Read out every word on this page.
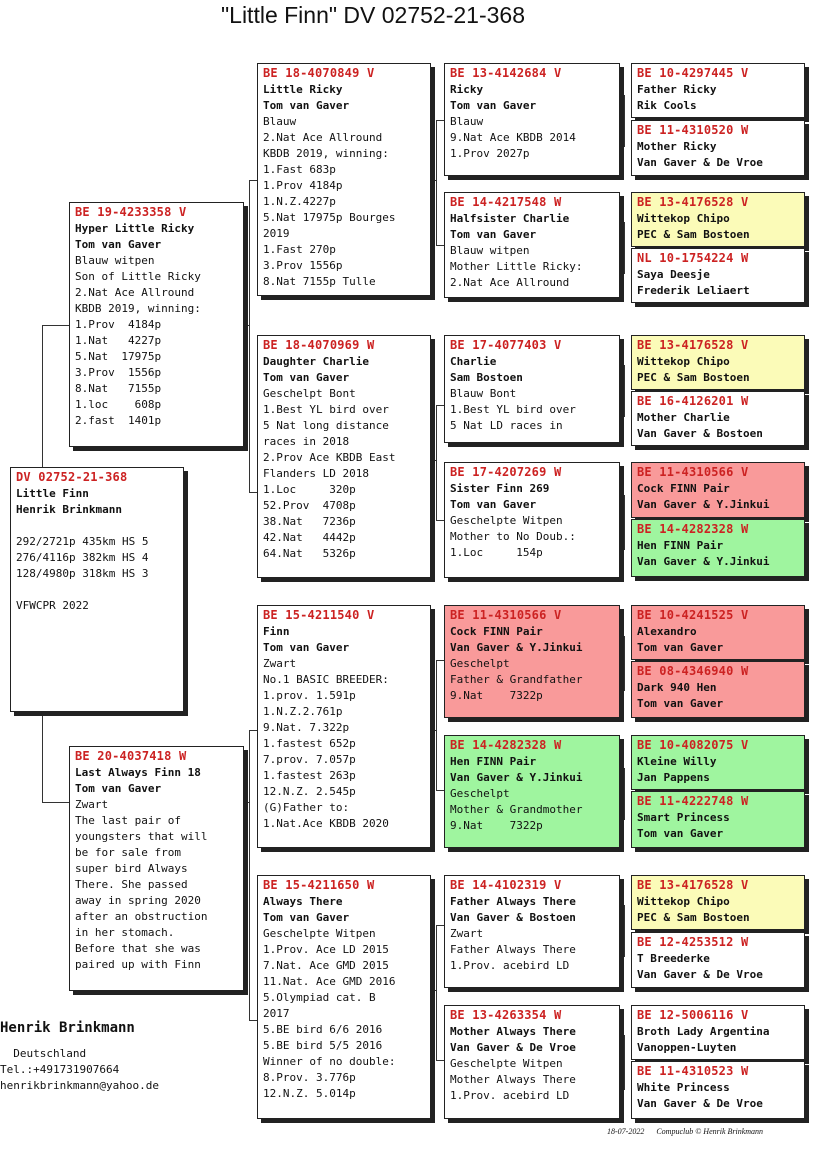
"Little Finn" DV 02752-21-368
DV 02752-21-368
Little Finn
Henrik Brinkmann
292/2721p 435km HS 5
276/4116p 382km HS 4
128/4980p 318km HS 3
VFWCPR 2022
BE 19-4233358 V
Hyper Little Ricky
Tom van Gaver
Blauw witpen
Son of Little Ricky
2.Nat Ace Allround
KBDB 2019, winning:
1.Prov  4184p
1.Nat   4227p
5.Nat  17975p
3.Prov  1556p
8.Nat   7155p
1.loc    608p
2.fast  1401p
BE 20-4037418 W
Last Always Finn 18
Tom van Gaver
Zwart
The last pair of
youngsters that will
be for sale from
super bird Always
There. She passed
away in spring 2020
after an obstruction
in her stomach.
Before that she was
paired up with Finn
BE 18-4070849 V
Little Ricky
Tom van Gaver
Blauw
2.Nat Ace Allround
KBDB 2019, winning:
1.Fast 683p
1.Prov 4184p
1.N.Z.4227p
5.Nat 17975p Bourges
2019
1.Fast 270p
3.Prov 1556p
8.Nat 7155p Tulle
BE 18-4070969 W
Daughter Charlie
Tom van Gaver
Geschelpt Bont
1.Best YL bird over
5 Nat long distance
races in 2018
2.Prov Ace KBDB East
Flanders LD 2018
1.Loc     320p
52.Prov  4708p
38.Nat   7236p
42.Nat   4442p
64.Nat   5326p
BE 15-4211540 V
Finn
Tom van Gaver
Zwart
No.1 BASIC BREEDER:
1.prov. 1.591p
1.N.Z.2.761p
9.Nat. 7.322p
1.fastest 652p
7.prov. 7.057p
1.fastest 263p
12.N.Z. 2.545p
(G)Father to:
1.Nat.Ace KBDB 2020
BE 15-4211650 W
Always There
Tom van Gaver
Geschelpte Witpen
1.Prov. Ace LD 2015
7.Nat. Ace GMD 2015
11.Nat. Ace GMD 2016
5.Olympiad cat. B
2017
5.BE bird 6/6 2016
5.BE bird 5/5 2016
Winner of no double:
8.Prov. 3.776p
12.N.Z. 5.014p
BE 13-4142684 V
Ricky
Tom van Gaver
Blauw
9.Nat Ace KBDB 2014
1.Prov 2027p
BE 14-4217548 W
Halfsister Charlie
Tom van Gaver
Blauw witpen
Mother Little Ricky:
2.Nat Ace Allround
BE 17-4077403 V
Charlie
Sam Bostoen
Blauw Bont
1.Best YL bird over
5 Nat LD races in
BE 17-4207269 W
Sister Finn 269
Tom van Gaver
Geschelpte Witpen
Mother to No Doub.:
1.Loc     154p
BE 11-4310566 V
Cock FINN Pair
Van Gaver & Y.Jinkui
Geschelpt
Father & Grandfather
9.Nat    7322p
BE 14-4282328 W
Hen FINN Pair
Van Gaver & Y.Jinkui
Geschelpt
Mother & Grandmother
9.Nat    7322p
BE 14-4102319 V
Father Always There
Van Gaver & Bostoen
Zwart
Father Always There
1.Prov. acebird LD
BE 13-4263354 W
Mother Always There
Van Gaver & De Vroe
Geschelpte Witpen
Mother Always There
1.Prov. acebird LD
BE 10-4297445 V
Father Ricky
Rik Cools
BE 11-4310520 W
Mother Ricky
Van Gaver & De Vroe
BE 13-4176528 V
Wittekop Chipo
PEC & Sam Bostoen
NL 10-1754224 W
Saya Deesje
Frederik Leliaert
BE 13-4176528 V
Wittekop Chipo
PEC & Sam Bostoen
BE 16-4126201 W
Mother Charlie
Van Gaver & Bostoen
BE 11-4310566 V
Cock FINN Pair
Van Gaver & Y.Jinkui
BE 14-4282328 W
Hen FINN Pair
Van Gaver & Y.Jinkui
BE 10-4241525 V
Alexandro
Tom van Gaver
BE 08-4346940 W
Dark 940 Hen
Tom van Gaver
BE 10-4082075 V
Kleine Willy
Jan Pappens
BE 11-4222748 W
Smart Princess
Tom van Gaver
BE 13-4176528 V
Wittekop Chipo
PEC & Sam Bostoen
BE 12-4253512 W
T Breederke
Van Gaver & De Vroe
BE 12-5006116 V
Broth Lady Argentina
Vanoppen-Luyten
BE 11-4310523 W
White Princess
Van Gaver & De Vroe
Henrik Brinkmann
Deutschland
Tel.:+491731907664
henrikbrinkmann@yahoo.de
18-07-2022      Compuclub © Henrik Brinkmann
